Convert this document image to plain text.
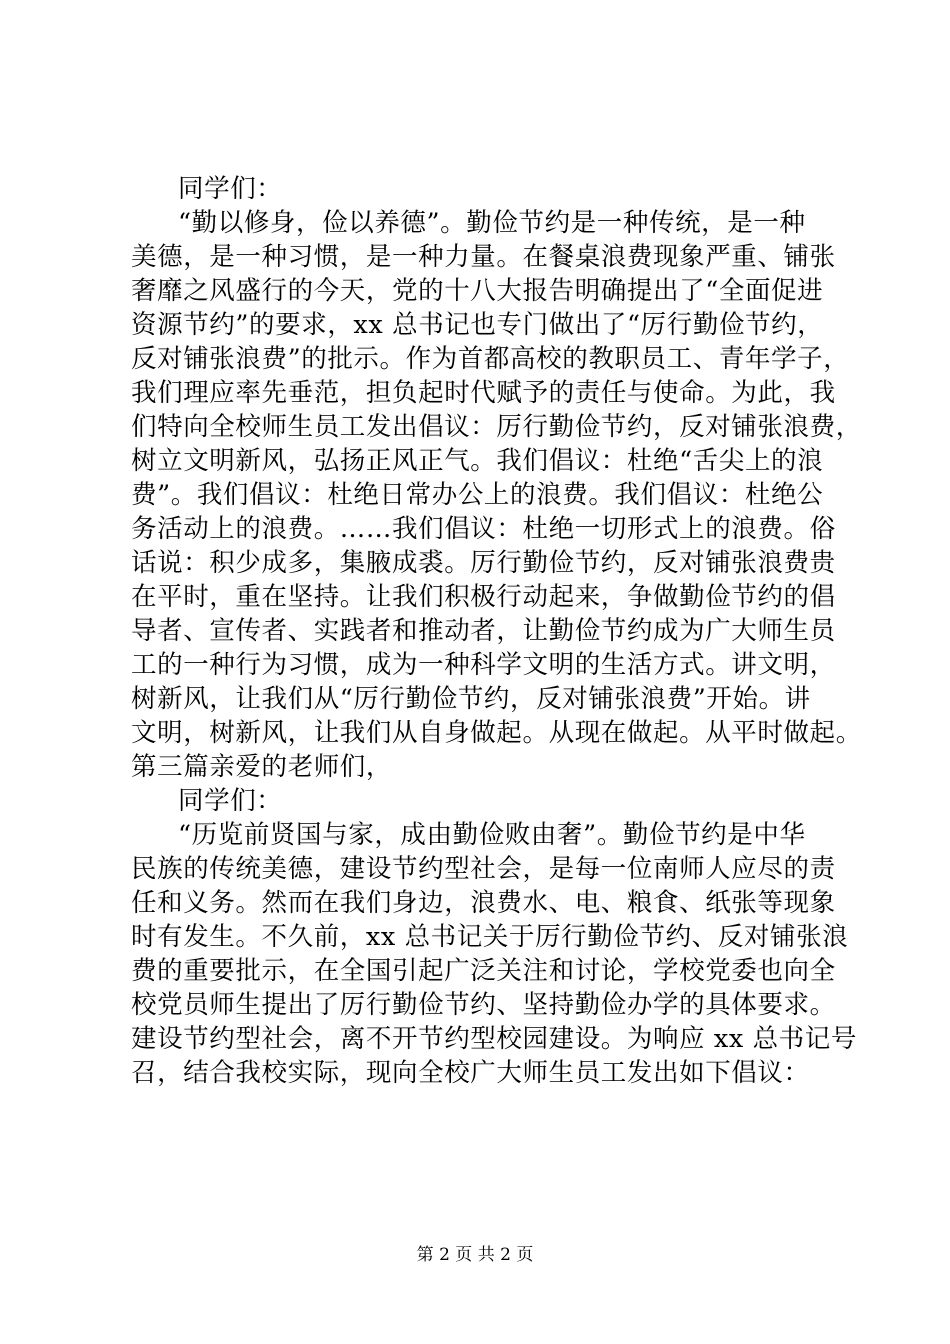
同学们：
“勤以修身，俭以养德”。勤俭节约是一种传统，是一种
美德，是一种习惯，是一种力量。在餐桌浪费现象严重、铺张
奢靡之风盛行的今天，党的十八大报告明确提出了“全面促进
资源节约”的要求，xx 总书记也专门做出了“厉行勤俭节约，
反对铺张浪费”的批示。作为首都高校的教职员工、青年学子，
我们理应率先垂范，担负起时代赋予的责任与使命。为此，我
们特向全校师生员工发出倡议：厉行勤俭节约，反对铺张浪费，
树立文明新风，弘扬正风正气。我们倡议：杜绝“舌尖上的浪
费”。我们倡议：杜绝日常办公上的浪费。我们倡议：杜绝公
务活动上的浪费。……我们倡议：杜绝一切形式上的浪费。俗
话说：积少成多，集腋成裘。厉行勤俭节约，反对铺张浪费贵
在平时，重在坚持。让我们积极行动起来，争做勤俭节约的倡
导者、宣传者、实践者和推动者，让勤俭节约成为广大师生员
工的一种行为习惯，成为一种科学文明的生活方式。讲文明，
树新风，让我们从“厉行勤俭节约，反对铺张浪费”开始。讲
文明，树新风，让我们从自身做起。从现在做起。从平时做起。
第三篇亲爱的老师们，
同学们：
“历览前贤国与家，成由勤俭败由奢”。勤俭节约是中华
民族的传统美德，建设节约型社会，是每一位南师人应尽的责
任和义务。然而在我们身边，浪费水、电、粮食、纸张等现象
时有发生。不久前，xx 总书记关于厉行勤俭节约、反对铺张浪
费的重要批示，在全国引起广泛关注和讨论，学校党委也向全
校党员师生提出了厉行勤俭节约、坚持勤俭办学的具体要求。
建设节约型社会，离不开节约型校园建设。为响应 xx 总书记号
召，结合我校实际，现向全校广大师生员工发出如下倡议：
第 2 页 共 2 页
